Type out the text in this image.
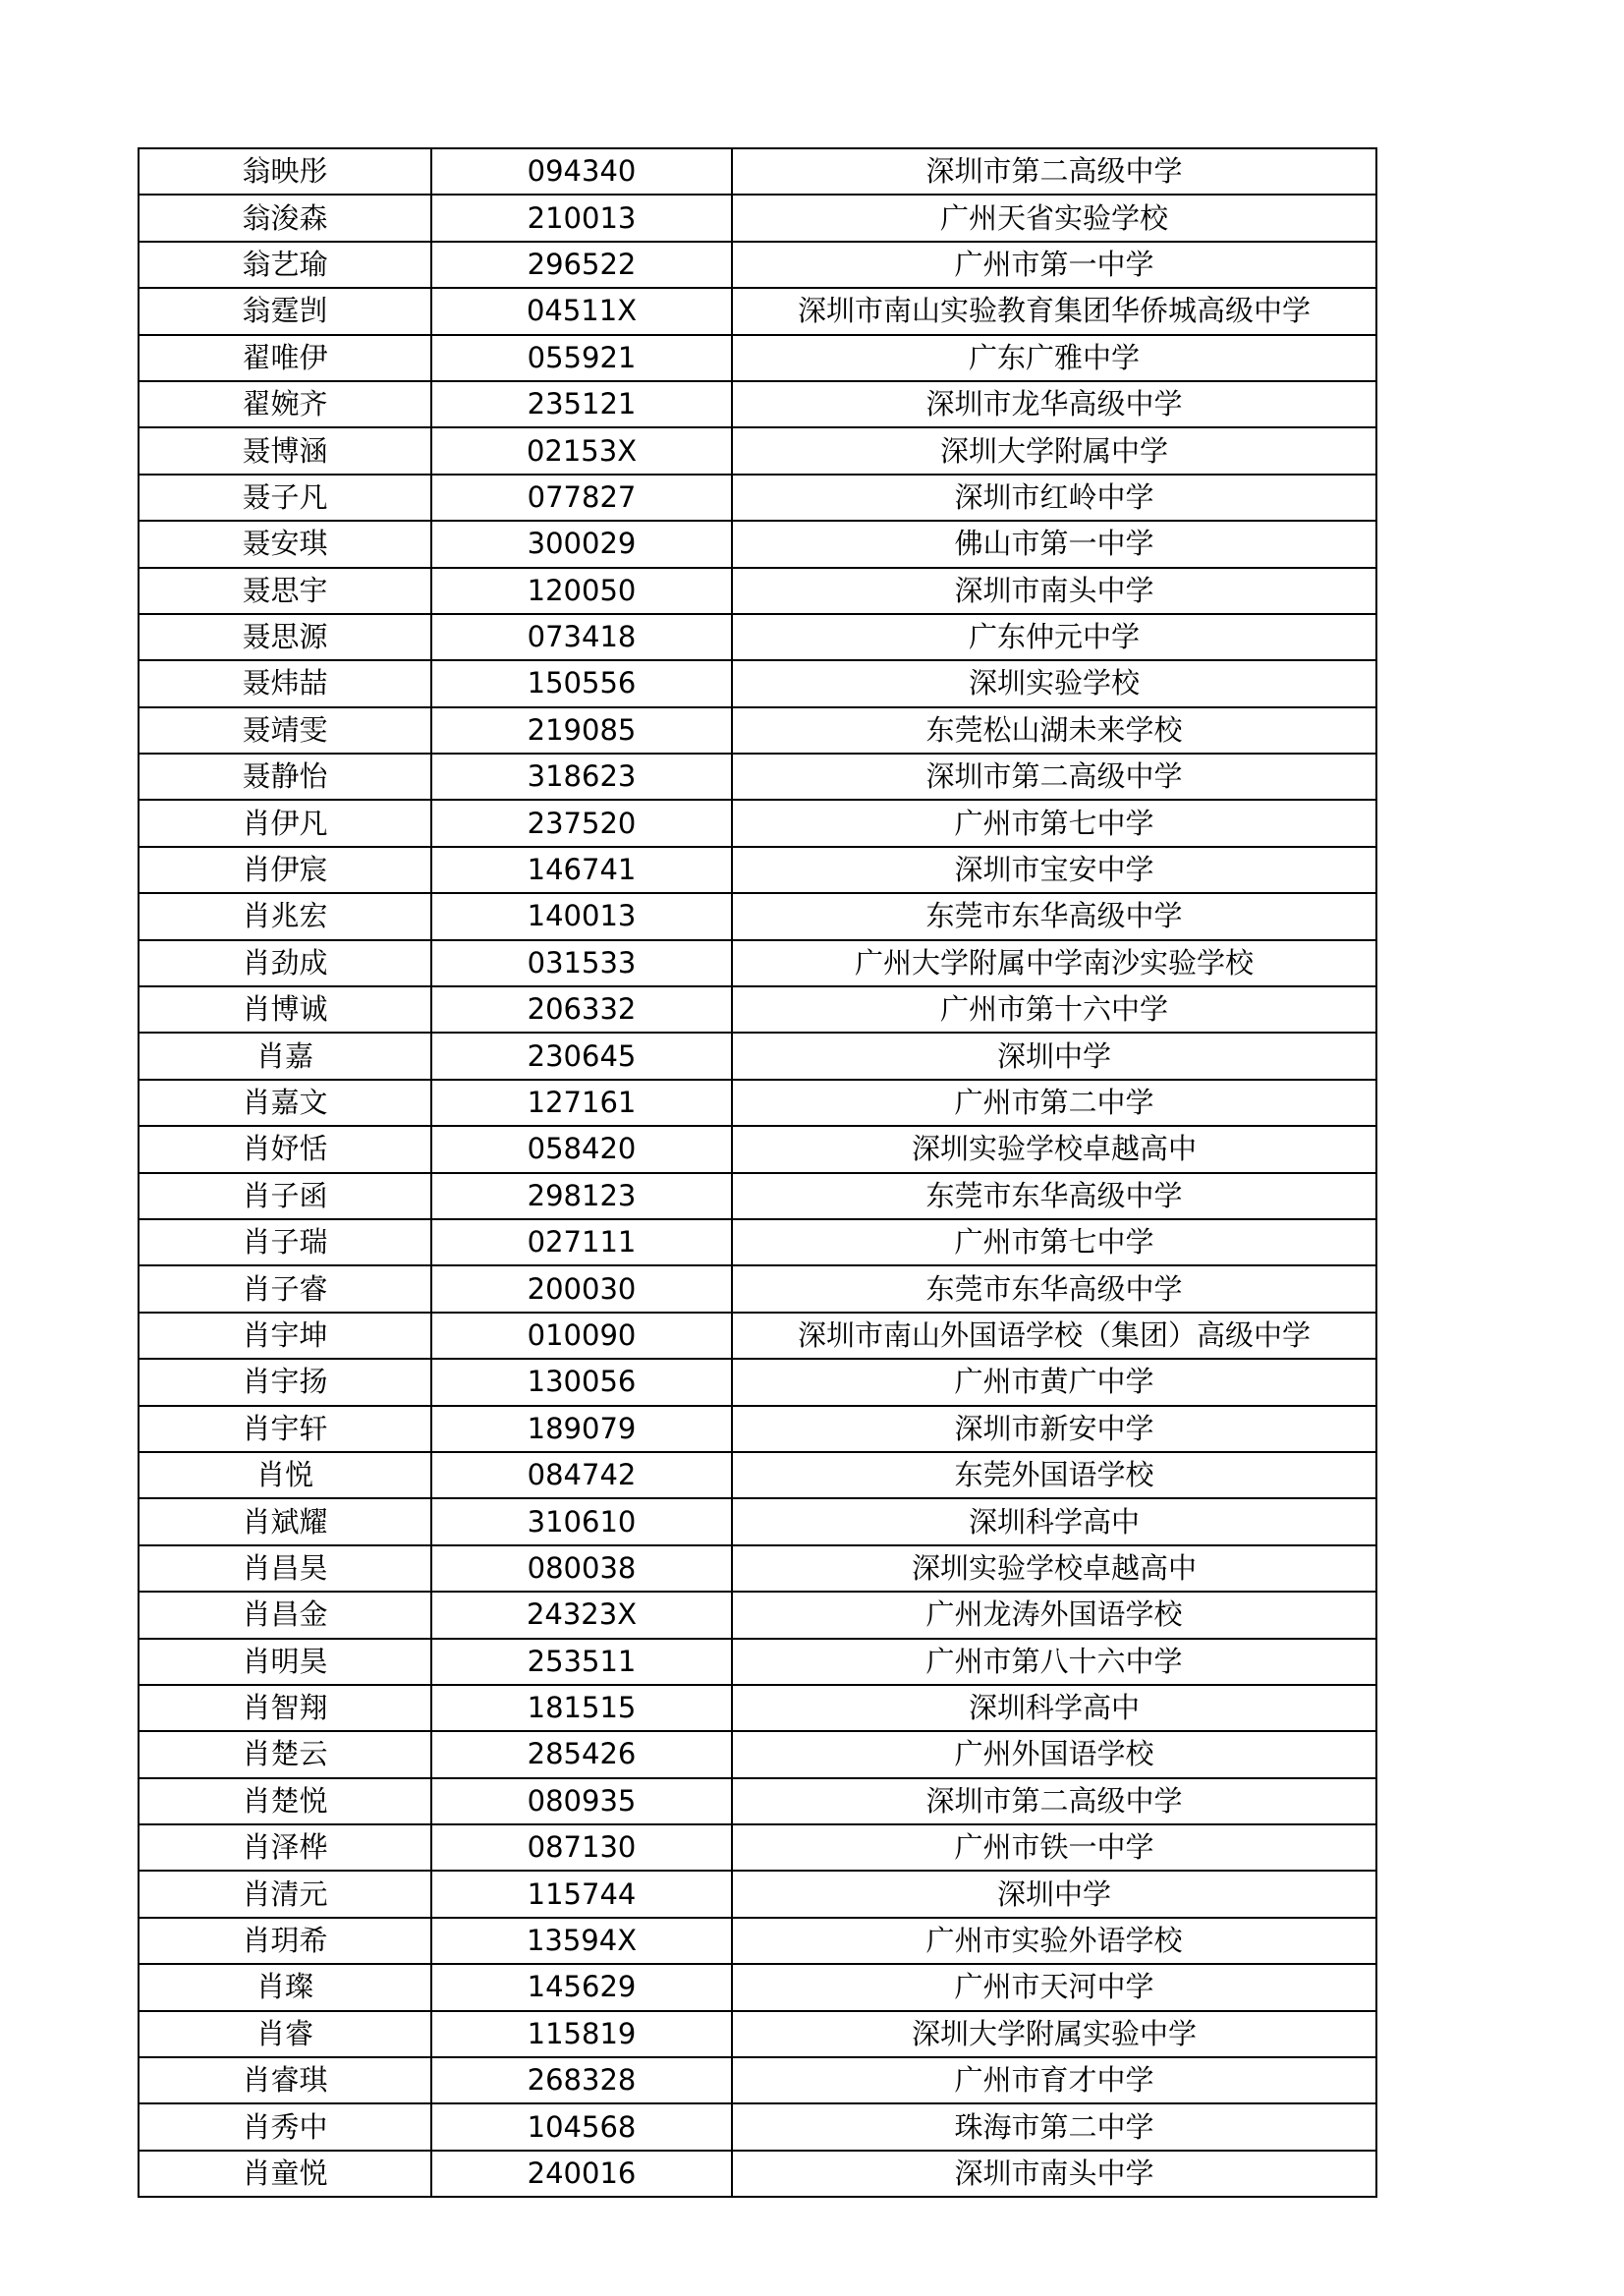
翁映彤	094340	深圳市第二高级中学
翁浚森	210013	广州天省实验学校
翁艺瑜	296522	广州市第一中学
翁霆剀	04511X	深圳市南山实验教育集团华侨城高级中学
翟唯伊	055921	广东广雅中学
翟婉齐	235121	深圳市龙华高级中学
聂博涵	02153X	深圳大学附属中学
聂子凡	077827	深圳市红岭中学
聂安琪	300029	佛山市第一中学
聂思宇	120050	深圳市南头中学
聂思源	073418	广东仲元中学
聂炜喆	150556	深圳实验学校
聂靖雯	219085	东莞松山湖未来学校
聂静怡	318623	深圳市第二高级中学
肖伊凡	237520	广州市第七中学
肖伊宸	146741	深圳市宝安中学
肖兆宏	140013	东莞市东华高级中学
肖劲成	031533	广州大学附属中学南沙实验学校
肖博诚	206332	广州市第十六中学
肖嘉	230645	深圳中学
肖嘉文	127161	广州市第二中学
肖妤恬	058420	深圳实验学校卓越高中
肖子函	298123	东莞市东华高级中学
肖子瑞	027111	广州市第七中学
肖子睿	200030	东莞市东华高级中学
肖宇坤	010090	深圳市南山外国语学校（集团）高级中学
肖宇扬	130056	广州市黄广中学
肖宇轩	189079	深圳市新安中学
肖悦	084742	东莞外国语学校
肖斌耀	310610	深圳科学高中
肖昌昊	080038	深圳实验学校卓越高中
肖昌金	24323X	广州龙涛外国语学校
肖明昊	253511	广州市第八十六中学
肖智翔	181515	深圳科学高中
肖楚云	285426	广州外国语学校
肖楚悦	080935	深圳市第二高级中学
肖泽桦	087130	广州市铁一中学
肖清元	115744	深圳中学
肖玥希	13594X	广州市实验外语学校
肖璨	145629	广州市天河中学
肖睿	115819	深圳大学附属实验中学
肖睿琪	268328	广州市育才中学
肖秀中	104568	珠海市第二中学
肖童悦	240016	深圳市南头中学
